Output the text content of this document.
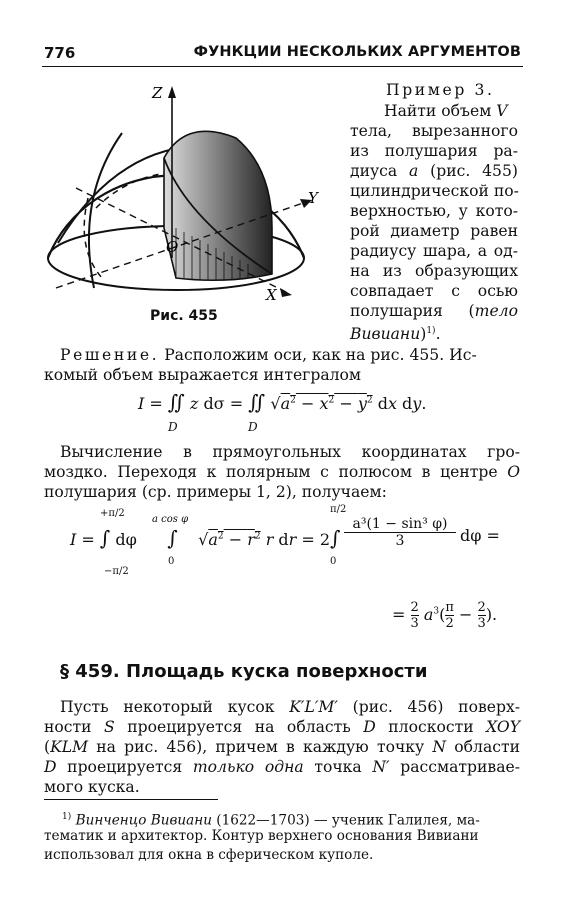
776	ФУНКЦИИ НЕСКОЛЬКИХ АРГУМЕНТОВ
Z
Y
X
O
Рис. 455
Пример 3.
Найти объем V
тела, вырезанного
из полушария ра-
диуса a (рис. 455)
цилиндрической по-
верхностью, у кото-
рой диаметр равен
радиусу шара, а од-
на из образующих
совпадает с осью
полушария (тело
Вивиани)$^{1)}$.
Решение. Расположим оси, как на рис. 455. Ис-
комый объем выражается интегралом
I = ∬ z dσ = ∬ $√a^2 - x^2 - y^2$ dx dy.
D	D
Вычисление в прямоугольных координатах гро-
моздко. Переходя к полярным с полюсом в центре O
полушария (ср. примеры 1, 2), получаем:
I = ∫ dφ      ∫    $√a^2 - r^2$ r dr = 2∫
+π/2
−π/2
a cos φ
0
π/2
0
$\frac{\text{a³(1 − sin³ φ)}}{3}$ dφ =
= $\frac{2}{3} a^3( \frac{\pi}{2} - \frac{2}{3}$ ).
§ 459. Площадь куска поверхности
Пусть некоторый кусок K′L′M′ (рис. 456) поверх-
ности S проецируется на область D плоскости XOY
(KLM на рис. 456), причем в каждую точку N области
D проецируется только одна точка N′ рассматривае-
мого куска.
$^{1)}$ Винченцо Вивиани (1622—1703) — ученик Галилея, ма-
тематик и архитектор. Контур верхнего основания Вивиани
использовал для окна в сферическом куполе.
